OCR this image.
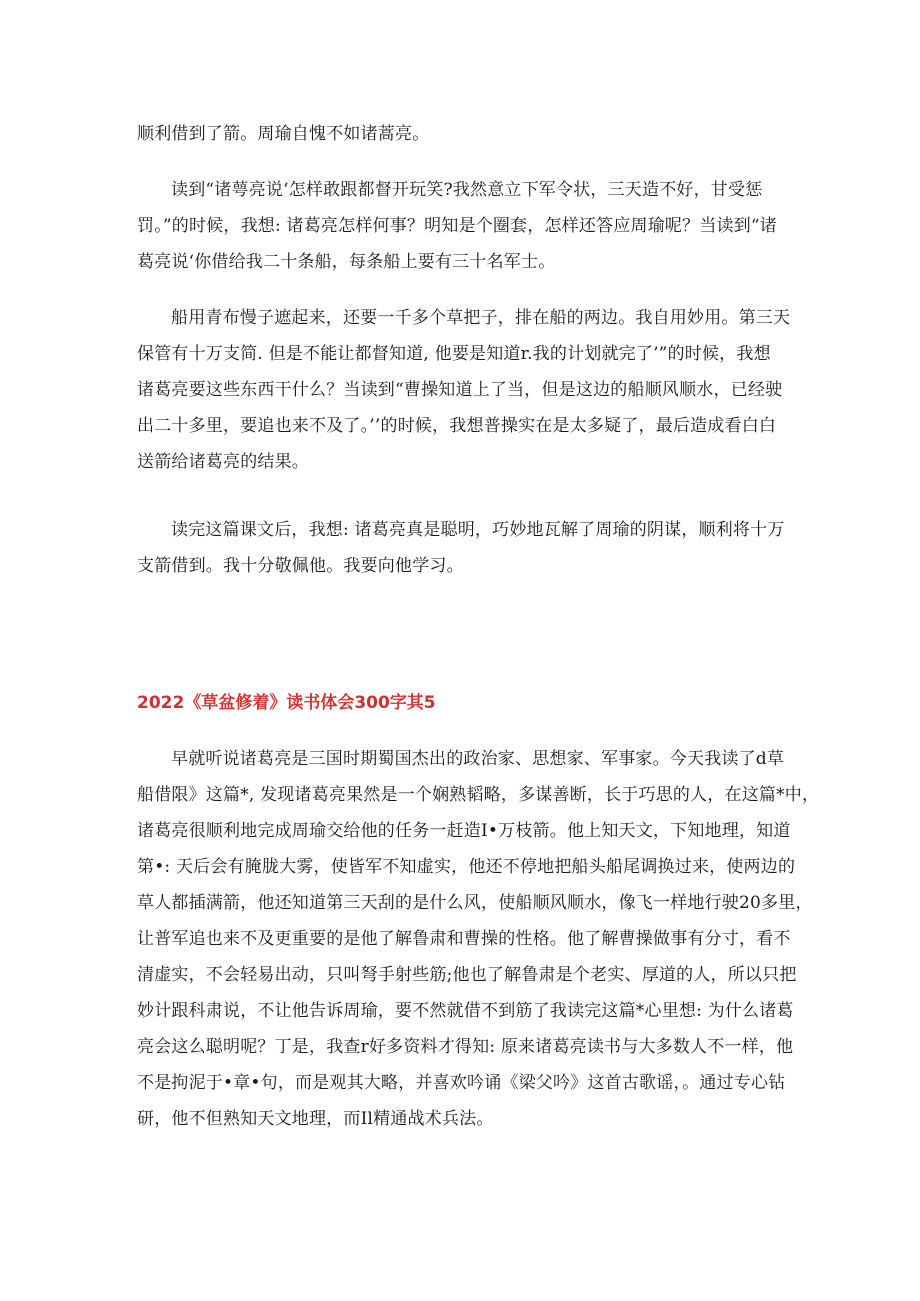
顺利借到了箭。周瑜自愧不如诸蒿亮。
读到“诸萼亮说‘怎样敢跟都督开玩笑?我然意立下军令状，三天造不好，甘受惩
罚。”的时候，我想: 诸葛亮怎样何事？明知是个圈套，怎样还答应周瑜呢？当读到“诸
葛亮说‘你借给我二十条船，每条船上要有三十名军士。
船用青布慢子遮起来，还要一千多个草把子，排在船的两边。我自用妙用。第三天
保管有十万支简. 但是不能让都督知道, 他要是知道r.我的计划就完了’”的时候，我想
诸葛亮要这些东西干什么？当读到“曹操知道上了当，但是这边的船顺风顺水，已经驶
出二十多里，要追也来不及了。’’的时候，我想普操实在是太多疑了，最后造成看白白
送箭给诸葛亮的结果。
读完这篇课文后，我想: 诸葛亮真是聪明，巧妙地瓦解了周瑜的阴谋，顺利将十万
支箭借到。我十分敬佩他。我要向他学习。
2022《草盆修着》读书体会300字其5
早就听说诸葛亮是三国时期蜀国杰出的政治家、思想家、军事家。今天我读了d草
船借限》这篇*, 发现诸葛亮果然是一个娴熟韬略，多谋善断，长于巧思的人，在这篇*中，
诸葛亮很顺利地完成周瑜交给他的任务一赶造I•万枝箭。他上知天文，下知地理，知道
第•: 天后会有腌胧大雾，使皆军不知虚实，他还不停地把船头船尾调换过来，使两边的
草人都插满箭，他还知道第三天刮的是什么风，使船顺风顺水，像飞一样地行驶20多里，
让普军追也来不及更重要的是他了解鲁肃和曹操的性格。他了解曹操做事有分寸，看不
清虚实，不会轻易出动，只叫弩手射些筋;他也了解鲁肃是个老实、厚道的人，所以只把
妙计跟科肃说，不让他告诉周瑜，要不然就借不到筋了我读完这篇*心里想: 为什么诸葛
亮会这么聪明呢？丁是，我查r好多资料才得知: 原来诸葛亮读书与大多数人不一样，他
不是拘泥于•章•句，而是观其大略，并喜欢吟诵《梁父吟》这首古歌谣，。通过专心钻
研，他不但熟知天文地理，而Il精通战术兵法。
